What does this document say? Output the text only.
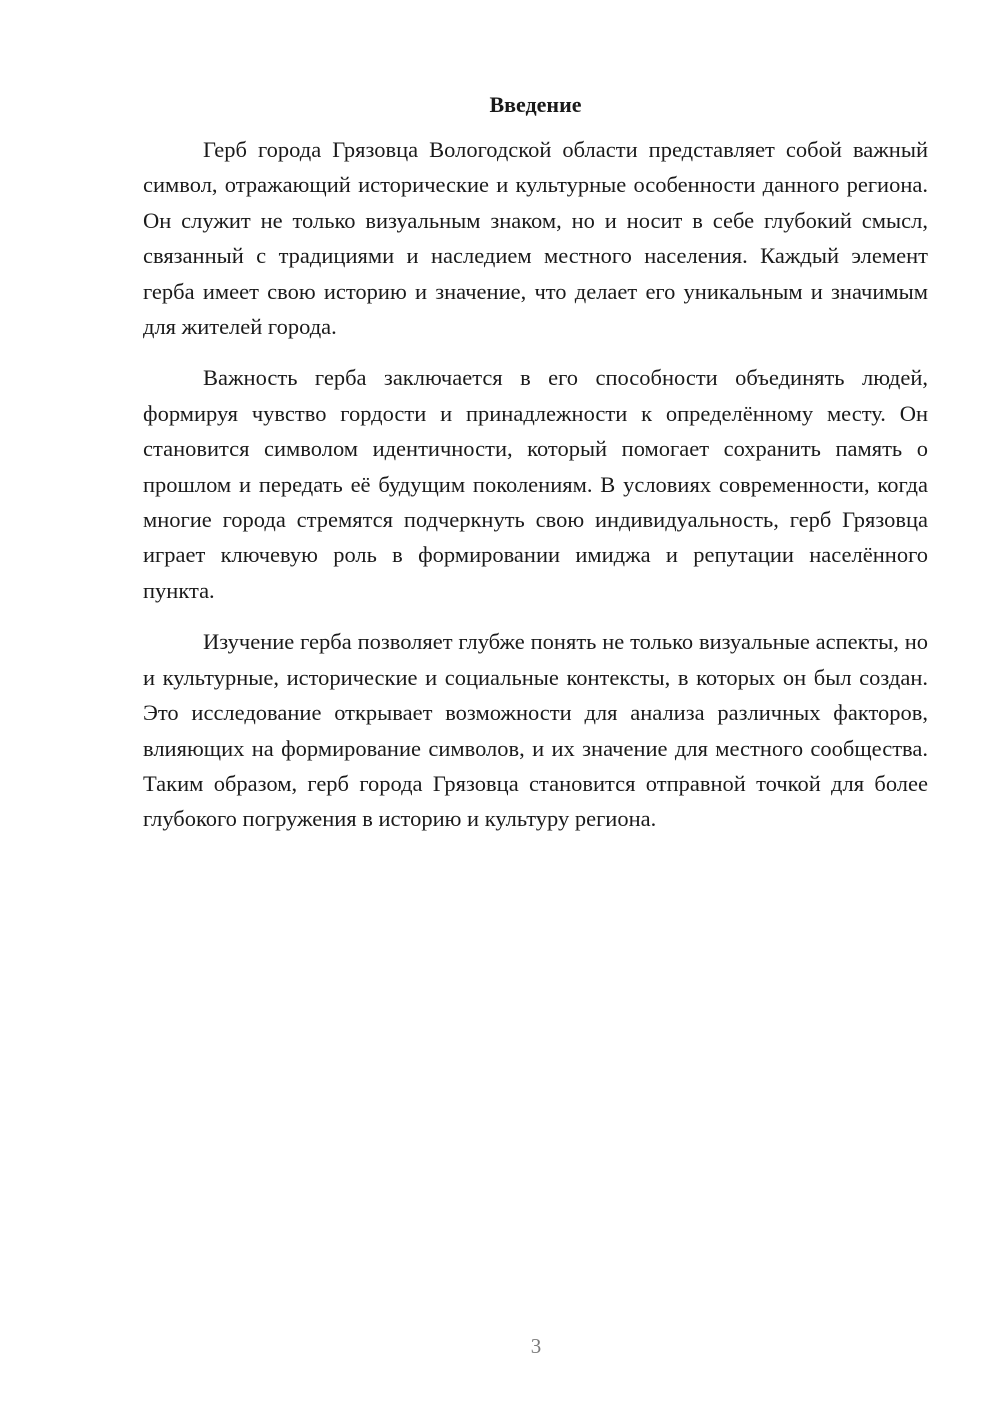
Введение

Герб города Грязовца Вологодской области представляет собой важный символ, отражающий исторические и культурные особенности данного региона. Он служит не только визуальным знаком, но и носит в себе глубокий смысл, связанный с традициями и наследием местного населения. Каждый элемент герба имеет свою историю и значение, что делает его уникальным и значимым для жителей города.

Важность герба заключается в его способности объединять людей, формируя чувство гордости и принадлежности к определённому месту. Он становится символом идентичности, который помогает сохранить память о прошлом и передать её будущим поколениям. В условиях современности, когда многие города стремятся подчеркнуть свою индивидуальность, герб Грязовца играет ключевую роль в формировании имиджа и репутации населённого пункта.

Изучение герба позволяет глубже понять не только визуальные аспекты, но и культурные, исторические и социальные контексты, в которых он был создан. Это исследование открывает возможности для анализа различных факторов, влияющих на формирование символов, и их значение для местного сообщества. Таким образом, герб города Грязовца становится отправной точкой для более глубокого погружения в историю и культуру региона.

3
